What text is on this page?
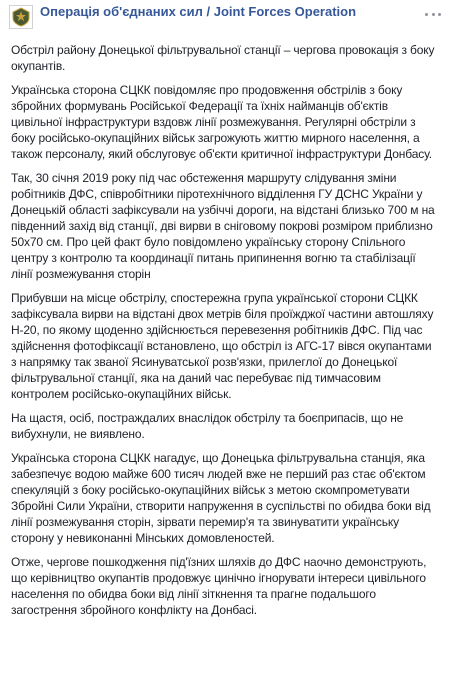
Операція об'єднаних сил / Joint Forces Operation

Обстріл району Донецької фільтрувальної станції – чергова провокація з боку окупантів.

Українська сторона СЦКК повідомляє про продовження обстрілів з боку збройних формувань Російської Федерації та їхніх найманців об'єктів цивільної інфраструктури вздовж лінії розмежування. Регулярні обстріли з боку російсько-окупаційних військ загрожують життю мирного населення, а також персоналу, який обслуговує об'єкти критичної інфраструктури Донбасу.

Так, 30 січня 2019 року під час обстеження маршруту слідування зміни робітників ДФС, співробітники піротехнічного відділення ГУ ДСНС України у Донецькій області зафіксували на узбіччі дороги, на відстані близько 700 м на південний захід від станції, дві вирви в сніговому покрові розміром приблизно 50х70 см. Про цей факт було повідомлено українську сторону Спільного центру з контролю та координації питань припинення вогню та стабілізації лінії розмежування сторін

Прибувши на місце обстрілу, спостережна група української сторони СЦКК зафіксувала вирви на відстані двох метрів біля проїжджої частини автошляху Н-20, по якому щоденно здійснюється перевезення робітників ДФС. Під час здійснення фотофіксації встановлено, що обстріл із АГС-17 вівся окупантами з напрямку так званої Ясинуватської розв'язки, прилеглої до Донецької фільтрувальної станції, яка на даний час перебуває під тимчасовим контролем російсько-окупаційних військ.

На щастя, осіб, постраждалих внаслідок обстрілу та боєприпасів, що не вибухнули, не виявлено.

Українська сторона СЦКК нагадує, що Донецька фільтрувальна станція, яка забезпечує водою майже 600 тисяч людей вже не перший раз стає об'єктом спекуляцій з боку російсько-окупаційних військ з метою скомпрометувати Збройні Сили України, створити напруження в суспільстві по обидва боки від лінії розмежування сторін, зірвати перемир'я та звинуватити українську сторону у невиконанні Мінських домовленостей.

Отже, чергове пошкодження під'їзних шляхів до ДФС наочно демонструють, що керівництво окупантів продовжує цинічно ігнорувати інтереси цивільного населення по обидва боки від лінії зіткнення та прагне подальшого загострення збройного конфлікту на Донбасі.
